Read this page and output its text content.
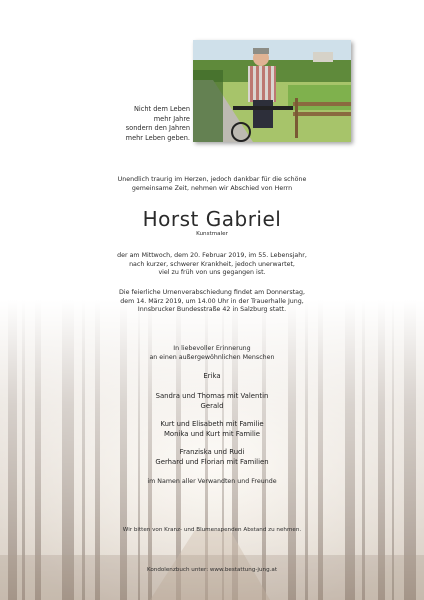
Nicht dem Leben
mehr Jahre
sondern den Jahren
mehr Leben geben.
Unendlich traurig im Herzen, jedoch dankbar für die schöne
gemeinsame Zeit, nehmen wir Abschied von Herrn
Horst Gabriel
Kunstmaler
der am Mittwoch, dem 20. Februar 2019, im 55. Lebensjahr,
nach kurzer, schwerer Krankheit, jedoch unerwartet,
viel zu früh von uns gegangen ist.
Die feierliche Urnenverabschiedung findet am Donnerstag,
dem 14. März 2019, um 14.00 Uhr in der Trauerhalle Jung,
Innsbrucker Bundesstraße 42 in Salzburg statt.
In liebevoller Erinnerung
an einen außergewöhnlichen Menschen
Erika
Sandra und Thomas mit Valentin
Gerald
Kurt und Elisabeth mit Familie
Monika und Kurt mit Familie
Franziska und Rudi
Gerhard und Florian mit Familien
im Namen aller Verwandten und Freunde
Wir bitten von Kranz- und Blumenspenden Abstand zu nehmen.
Kondolenzbuch unter: www.bestattung-jung.at
